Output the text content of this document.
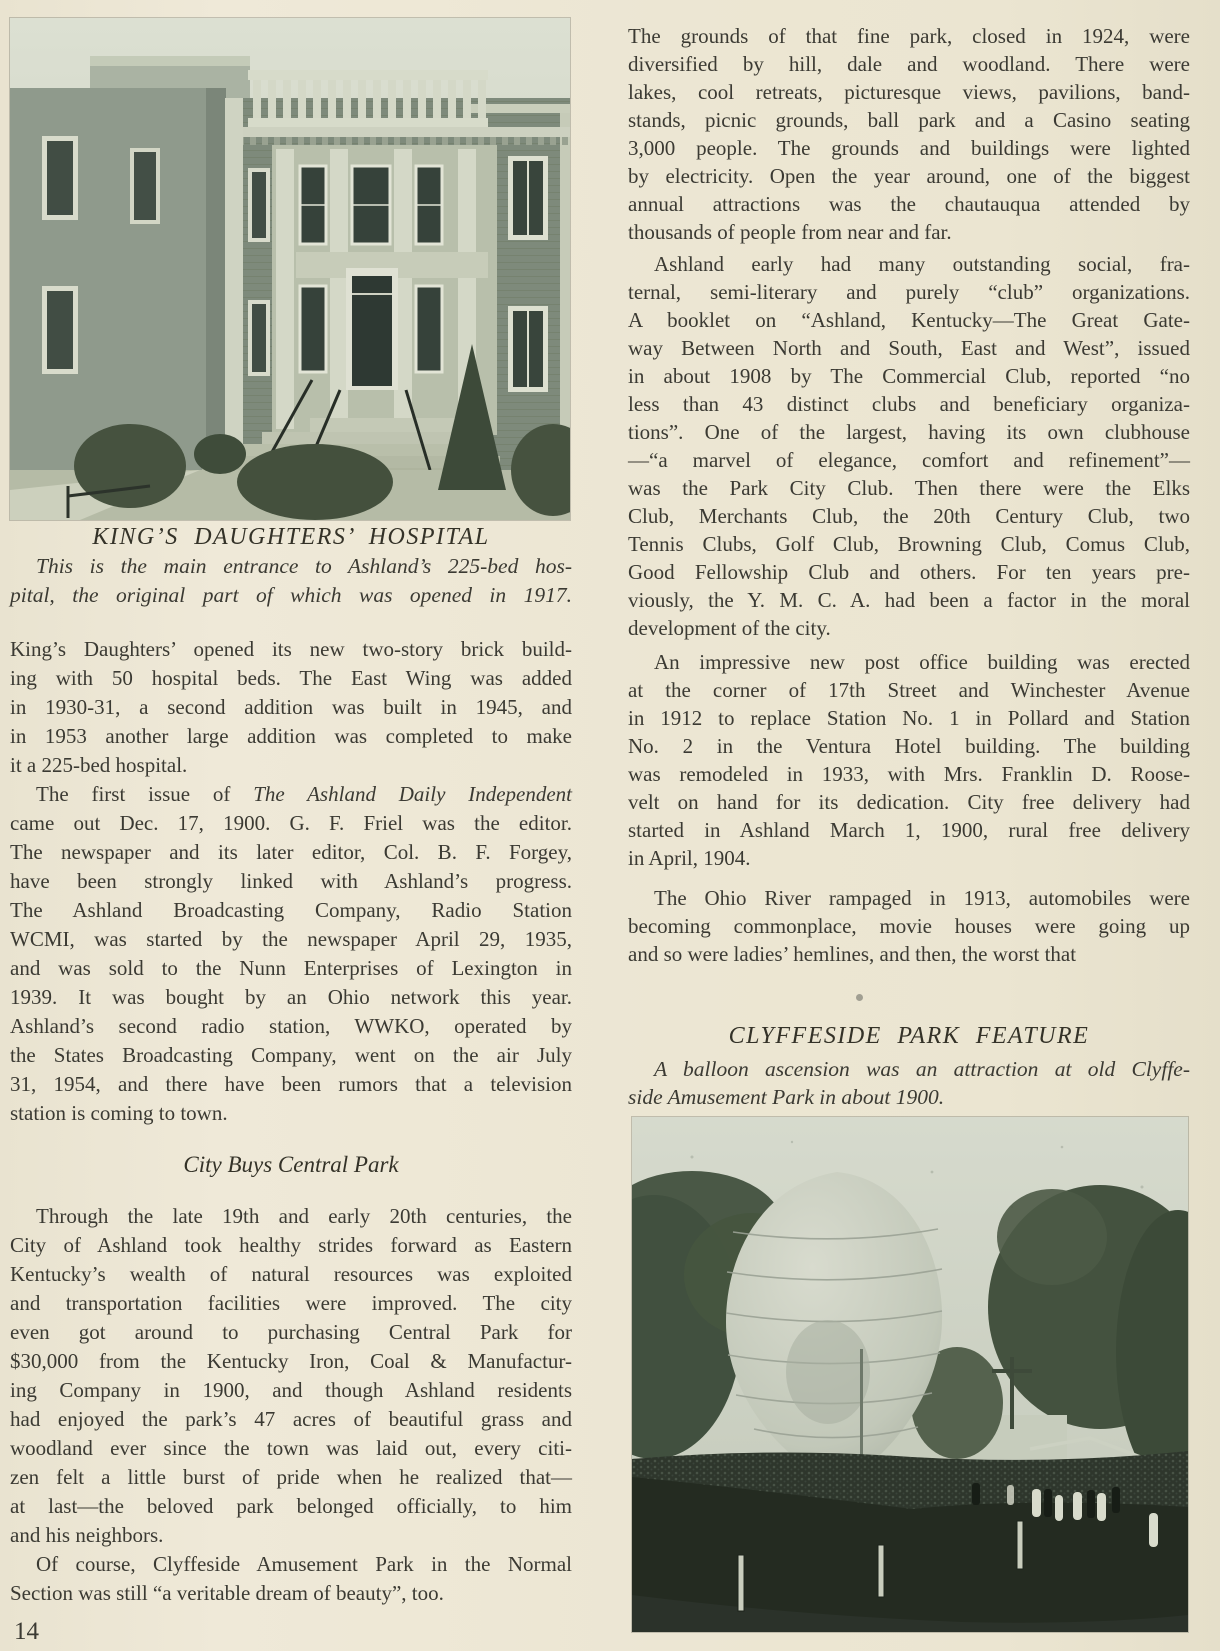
KING’S DAUGHTERS’ HOSPITAL
This is the main entrance to Ashland’s 225-bed hos-
pital, the original part of which was opened in 1917.
King’s Daughters’ opened its new two-story brick build-
ing with 50 hospital beds. The East Wing was added
in 1930-31, a second addition was built in 1945, and
in 1953 another large addition was completed to make
it a 225-bed hospital.
The first issue of The Ashland Daily Independent
came out Dec. 17, 1900. G. F. Friel was the editor.
The newspaper and its later editor, Col. B. F. Forgey,
have been strongly linked with Ashland’s progress.
The Ashland Broadcasting Company, Radio Station
WCMI, was started by the newspaper April 29, 1935,
and was sold to the Nunn Enterprises of Lexington in
1939. It was bought by an Ohio network this year.
Ashland’s second radio station, WWKO, operated by
the States Broadcasting Company, went on the air July
31, 1954, and there have been rumors that a television
station is coming to town.
City Buys Central Park
Through the late 19th and early 20th centuries, the
City of Ashland took healthy strides forward as Eastern
Kentucky’s wealth of natural resources was exploited
and transportation facilities were improved. The city
even got around to purchasing Central Park for
$30,000 from the Kentucky Iron, Coal & Manufactur-
ing Company in 1900, and though Ashland residents
had enjoyed the park’s 47 acres of beautiful grass and
woodland ever since the town was laid out, every citi-
zen felt a little burst of pride when he realized that—
at last—the beloved park belonged officially, to him
and his neighbors.
Of course, Clyffeside Amusement Park in the Normal
Section was still “a veritable dream of beauty”, too.
14
The grounds of that fine park, closed in 1924, were
diversified by hill, dale and woodland. There were
lakes, cool retreats, picturesque views, pavilions, band-
stands, picnic grounds, ball park and a Casino seating
3,000 people. The grounds and buildings were lighted
by electricity. Open the year around, one of the biggest
annual attractions was the chautauqua attended by
thousands of people from near and far.
Ashland early had many outstanding social, fra-
ternal, semi-literary and purely “club” organizations.
A booklet on “Ashland, Kentucky—The Great Gate-
way Between North and South, East and West”, issued
in about 1908 by The Commercial Club, reported “no
less than 43 distinct clubs and beneficiary organiza-
tions”. One of the largest, having its own clubhouse
—“a marvel of elegance, comfort and refinement”—
was the Park City Club. Then there were the Elks
Club, Merchants Club, the 20th Century Club, two
Tennis Clubs, Golf Club, Browning Club, Comus Club,
Good Fellowship Club and others. For ten years pre-
viously, the Y. M. C. A. had been a factor in the moral
development of the city.
An impressive new post office building was erected
at the corner of 17th Street and Winchester Avenue
in 1912 to replace Station No. 1 in Pollard and Station
No. 2 in the Ventura Hotel building. The building
was remodeled in 1933, with Mrs. Franklin D. Roose-
velt on hand for its dedication. City free delivery had
started in Ashland March 1, 1900, rural free delivery
in April, 1904.
The Ohio River rampaged in 1913, automobiles were
becoming commonplace, movie houses were going up
and so were ladies’ hemlines, and then, the worst that
CLYFFESIDE PARK FEATURE
A balloon ascension was an attraction at old Clyffe-
side Amusement Park in about 1900.
